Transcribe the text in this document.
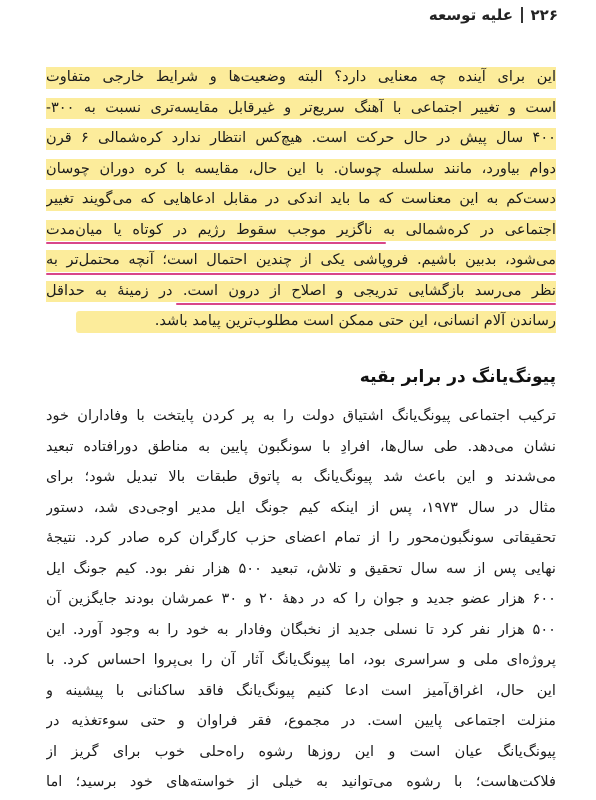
۲۲۶
علیه توسعه
این برای آینده چه معنایی دارد؟ البته وضعیت‌ها و شرایط خارجی متفاوت
است و تغییر اجتماعی با آهنگ سریع‌تر و غیرقابل مقایسه‌تری نسبت به ۳۰۰-
۴۰۰ سال پیش در حال حرکت است. هیچ‌کس انتظار ندارد کره‌شمالی ۶ قرن
دوام بیاورد، مانند سلسله چوسان. با این حال، مقایسه با کره دوران چوسان
دست‌کم به این معناست که ما باید اندکی در مقابل ادعاهایی که می‌گویند تغییر
اجتماعی در کره‌شمالی به ناگزیر موجب سقوط رژیم در کوتاه یا میان‌مدت
می‌شود، بدبین باشیم. فروپاشی یکی از چندین احتمال است؛ آنچه محتمل‌تر به
نظر می‌رسد بازگشایی تدریجی و اصلاح از درون است. در زمینهٔ به حداقل
رساندن آلام انسانی، این حتی ممکن است مطلوب‌ترین پیامد باشد.
پیونگ‌یانگ در برابر بقیه
ترکیب اجتماعی پیونگ‌یانگ اشتیاق دولت را به پر کردن پایتخت با وفاداران خود
نشان می‌دهد. طی سال‌ها، افرادِ با سونگبون پایین به مناطق دورافتاده تبعید
می‌شدند و این باعث شد پیونگ‌یانگ به پاتوق طبقات بالا تبدیل شود؛ برای
مثال در سال ۱۹۷۳، پس از اینکه کیم جونگ ایل مدیر اوجی‌دی شد، دستور
تحقیقاتی سونگبون‌محور را از تمام اعضای حزب کارگران کره صادر کرد. نتیجهٔ
نهایی پس از سه سال تحقیق و تلاش، تبعید ۵۰۰ هزار نفر بود. کیم جونگ ایل
۶۰۰ هزار عضو جدید و جوان را که در دههٔ ۲۰ و ۳۰ عمرشان بودند جایگزین آن
۵۰۰ هزار نفر کرد تا نسلی جدید از نخبگان وفادار به خود را به وجود آورد. این
پروژه‌ای ملی و سراسری بود، اما پیونگ‌یانگ آثار آن را بی‌پروا احساس کرد. با
این حال، اغراق‌آمیز است ادعا کنیم پیونگ‌یانگ فاقد ساکنانی با پیشینه و
منزلت اجتماعی پایین است. در مجموع، فقر فراوان و حتی سوءتغذیه در
پیونگ‌یانگ عیان است و این روزها رشوه راه‌حلی خوب برای گریز از
فلاکت‌هاست؛ با رشوه می‌توانید به خیلی از خواسته‌های خود برسید؛ اما
